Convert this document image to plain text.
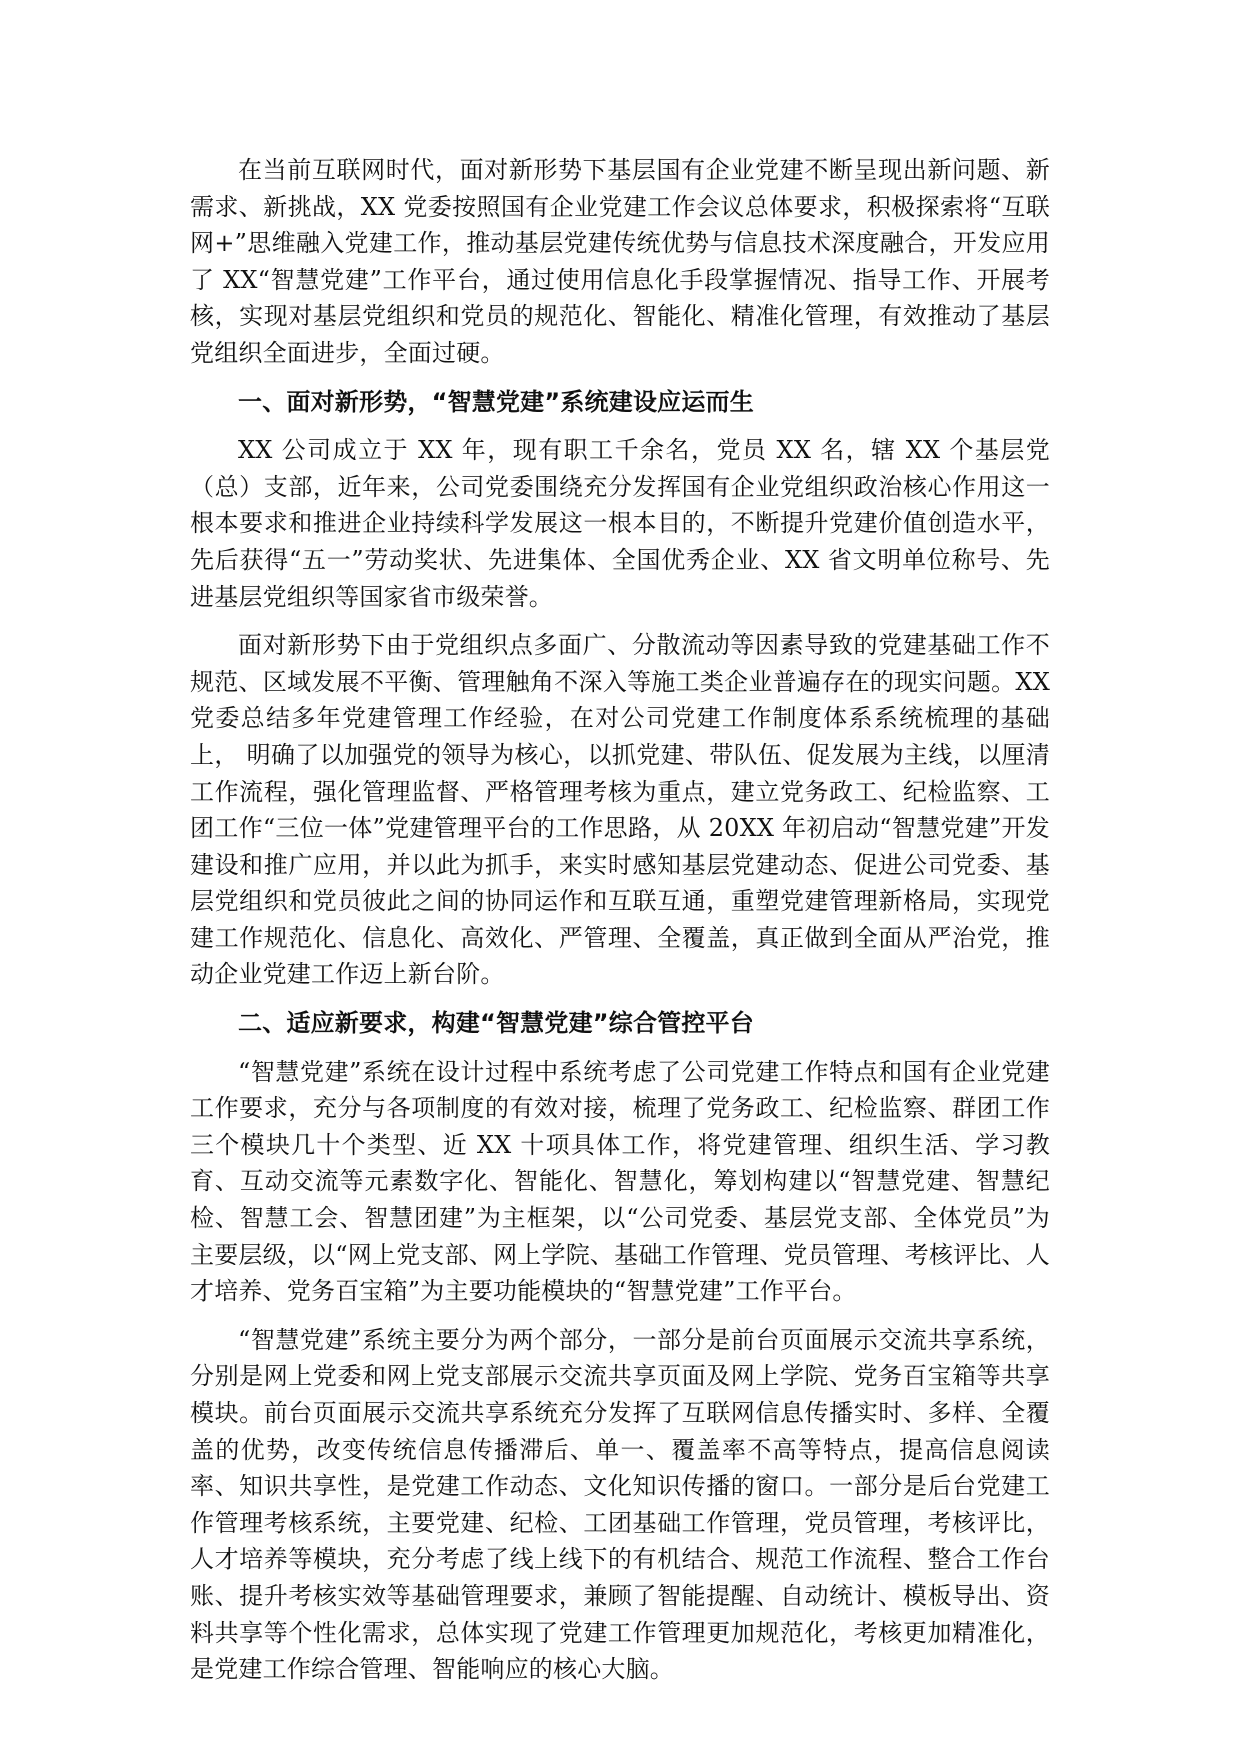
在当前互联网时代，面对新形势下基层国有企业党建不断呈现出新问题、新需求、新挑战，XX 党委按照国有企业党建工作会议总体要求，积极探索将“互联网+”思维融入党建工作，推动基层党建传统优势与信息技术深度融合，开发应用了 XX“智慧党建”工作平台，通过使用信息化手段掌握情况、指导工作、开展考核，实现对基层党组织和党员的规范化、智能化、精准化管理，有效推动了基层党组织全面进步，全面过硬。

一、面对新形势，“智慧党建”系统建设应运而生

XX 公司成立于 XX 年，现有职工千余名，党员 XX 名，辖 XX 个基层党（总）支部，近年来，公司党委围绕充分发挥国有企业党组织政治核心作用这一根本要求和推进企业持续科学发展这一根本目的，不断提升党建价值创造水平，先后获得“五一”劳动奖状、先进集体、全国优秀企业、XX 省文明单位称号、先进基层党组织等国家省市级荣誉。

面对新形势下由于党组织点多面广、分散流动等因素导致的党建基础工作不规范、区域发展不平衡、管理触角不深入等施工类企业普遍存在的现实问题。XX 党委总结多年党建管理工作经验，在对公司党建工作制度体系系统梳理的基础上， 明确了以加强党的领导为核心，以抓党建、带队伍、促发展为主线，以厘清工作流程，强化管理监督、严格管理考核为重点，建立党务政工、纪检监察、工团工作“三位一体”党建管理平台的工作思路，从 20XX 年初启动“智慧党建”开发建设和推广应用，并以此为抓手，来实时感知基层党建动态、促进公司党委、基层党组织和党员彼此之间的协同运作和互联互通，重塑党建管理新格局，实现党建工作规范化、信息化、高效化、严管理、全覆盖，真正做到全面从严治党，推动企业党建工作迈上新台阶。

二、适应新要求，构建“智慧党建”综合管控平台

“智慧党建”系统在设计过程中系统考虑了公司党建工作特点和国有企业党建工作要求，充分与各项制度的有效对接，梳理了党务政工、纪检监察、群团工作三个模块几十个类型、近 XX 十项具体工作，将党建管理、组织生活、学习教育、互动交流等元素数字化、智能化、智慧化，筹划构建以“智慧党建、智慧纪检、智慧工会、智慧团建”为主框架，以“公司党委、基层党支部、全体党员”为主要层级，以“网上党支部、网上学院、基础工作管理、党员管理、考核评比、人才培养、党务百宝箱”为主要功能模块的“智慧党建”工作平台。

“智慧党建”系统主要分为两个部分，一部分是前台页面展示交流共享系统，分别是网上党委和网上党支部展示交流共享页面及网上学院、党务百宝箱等共享模块。前台页面展示交流共享系统充分发挥了互联网信息传播实时、多样、全覆盖的优势，改变传统信息传播滞后、单一、覆盖率不高等特点，提高信息阅读率、知识共享性，是党建工作动态、文化知识传播的窗口。一部分是后台党建工作管理考核系统，主要党建、纪检、工团基础工作管理，党员管理，考核评比，人才培养等模块，充分考虑了线上线下的有机结合、规范工作流程、整合工作台账、提升考核实效等基础管理要求，兼顾了智能提醒、自动统计、模板导出、资料共享等个性化需求，总体实现了党建工作管理更加规范化，考核更加精准化，是党建工作综合管理、智能响应的核心大脑。
